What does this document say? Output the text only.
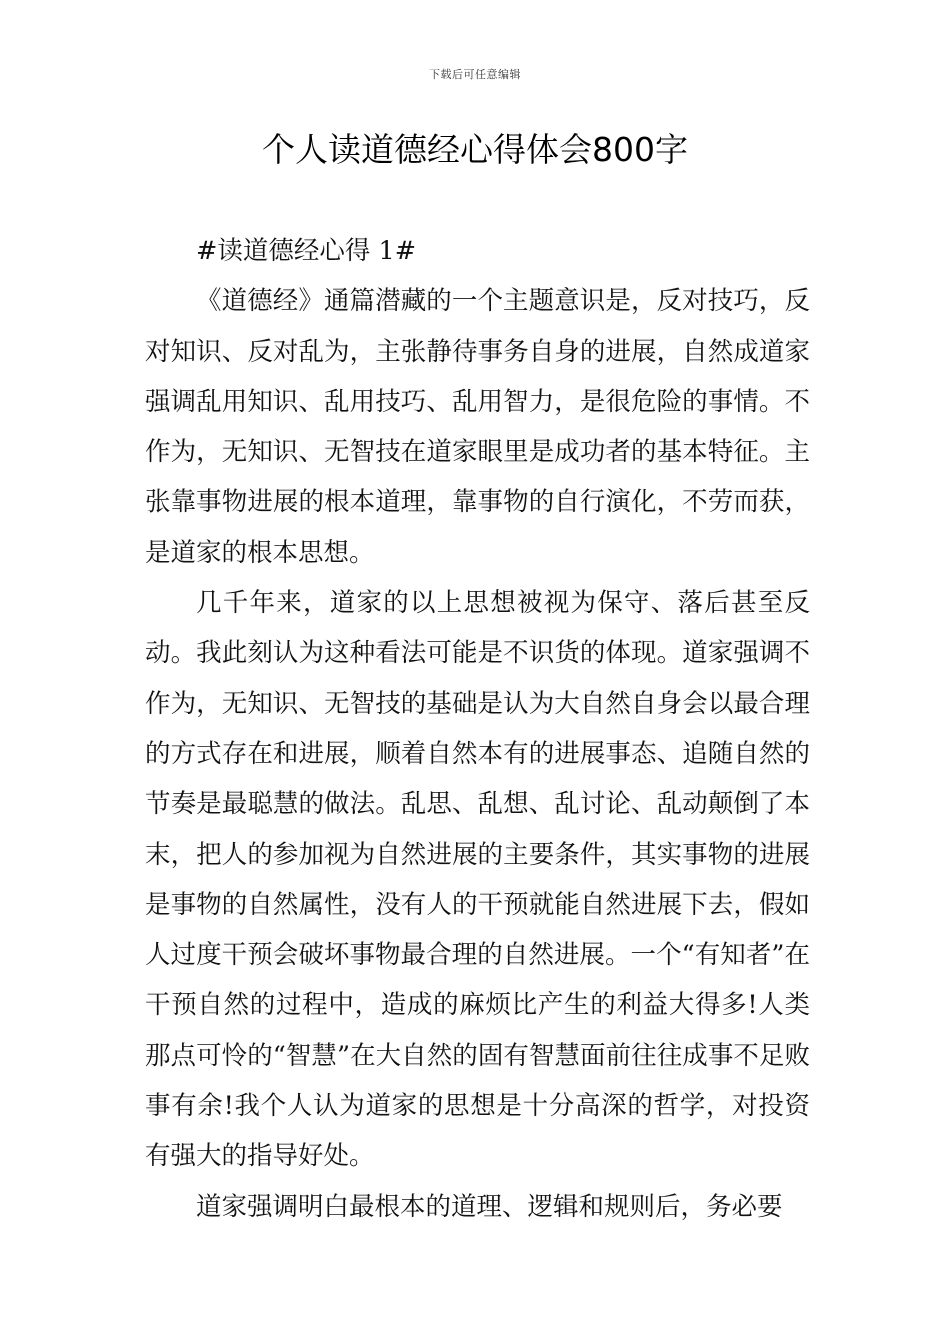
下载后可任意编辑
个人读道德经心得体会800字

#读道德经心得 1#

《道德经》通篇潜藏的一个主题意识是，反对技巧，反对知识、反对乱为，主张静待事务自身的进展，自然成道家强调乱用知识、乱用技巧、乱用智力，是很危险的事情。不作为，无知识、无智技在道家眼里是成功者的基本特征。主张靠事物进展的根本道理，靠事物的自行演化，不劳而获，是道家的根本思想。

几千年来，道家的以上思想被视为保守、落后甚至反动。我此刻认为这种看法可能是不识货的体现。道家强调不作为，无知识、无智技的基础是认为大自然自身会以最合理的方式存在和进展，顺着自然本有的进展事态、追随自然的节奏是最聪慧的做法。乱思、乱想、乱讨论、乱动颠倒了本末，把人的参加视为自然进展的主要条件，其实事物的进展是事物的自然属性，没有人的干预就能自然进展下去，假如人过度干预会破坏事物最合理的自然进展。一个“有知者”在干预自然的过程中，造成的麻烦比产生的利益大得多!人类那点可怜的“智慧”在大自然的固有智慧面前往往成事不足败事有余!我个人认为道家的思想是十分高深的哲学，对投资有强大的指导好处。

道家强调明白最根本的道理、逻辑和规则后，务必要
